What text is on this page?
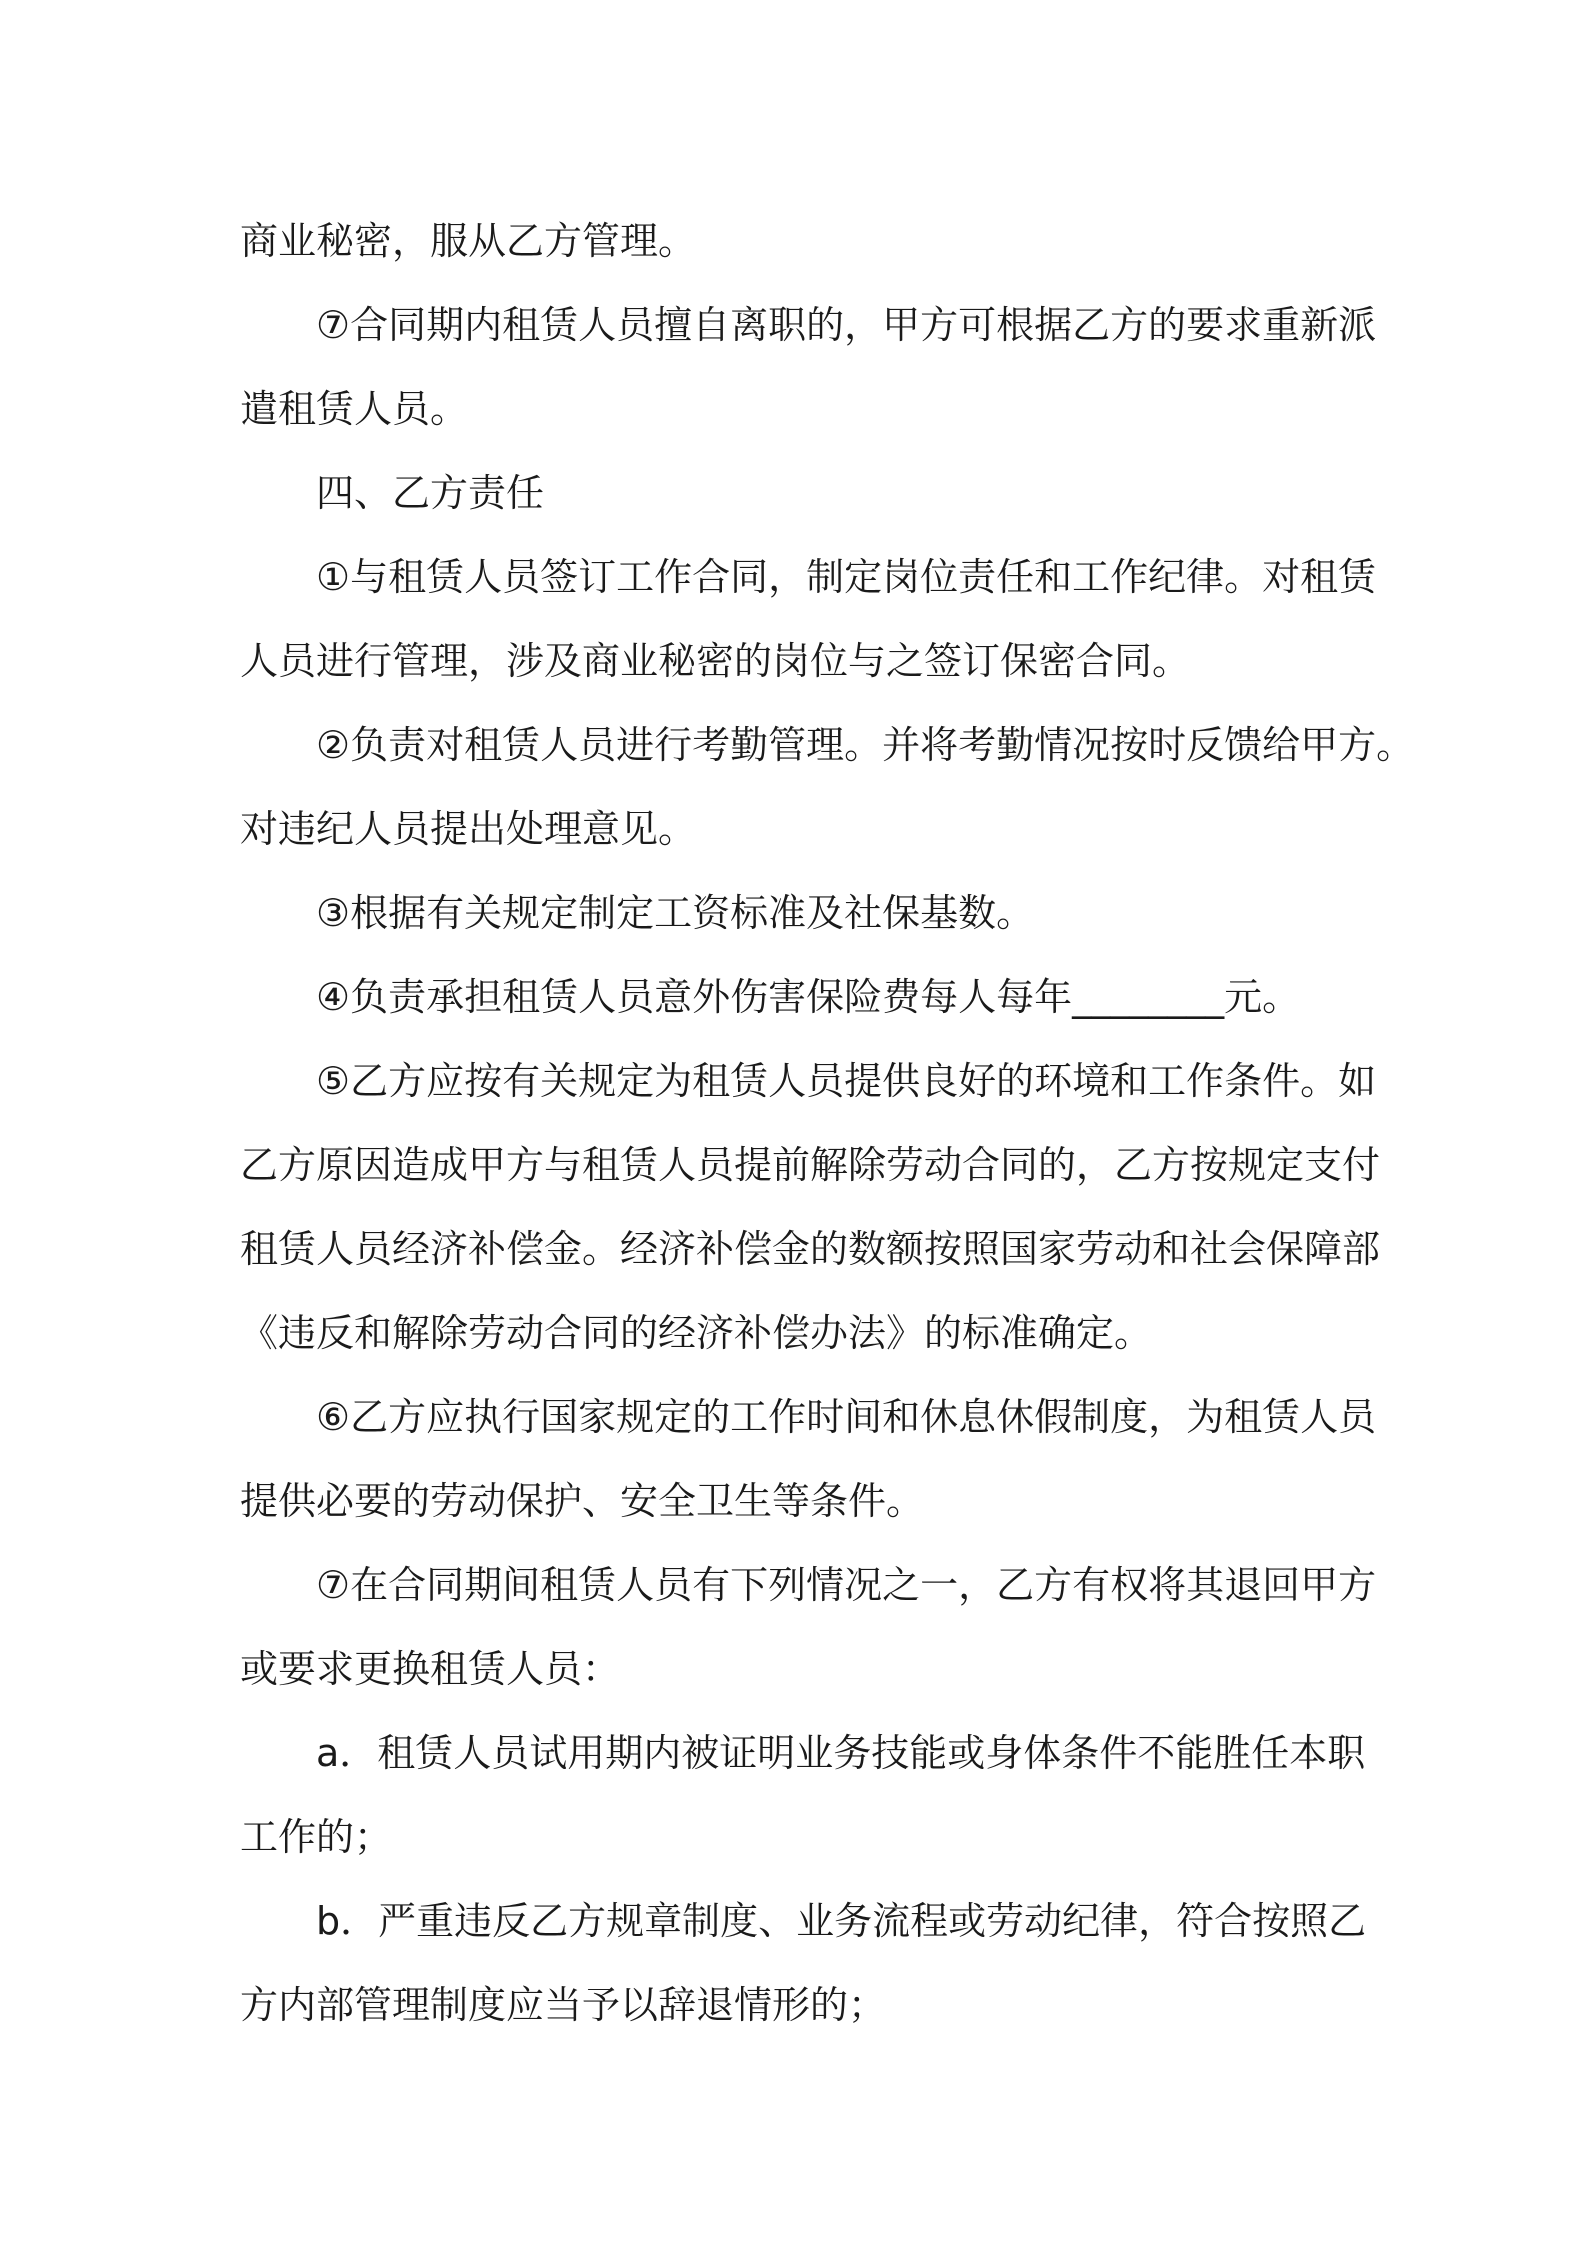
商业秘密，服从乙方管理。
⑦合同期内租赁人员擅自离职的，甲方可根据乙方的要求重新派
遣租赁人员。
四、乙方责任
①与租赁人员签订工作合同，制定岗位责任和工作纪律。对租赁
人员进行管理，涉及商业秘密的岗位与之签订保密合同。
②负责对租赁人员进行考勤管理。并将考勤情况按时反馈给甲方。
对违纪人员提出处理意见。
③根据有关规定制定工资标准及社保基数。
④负责承担租赁人员意外伤害保险费每人每年________元。
⑤乙方应按有关规定为租赁人员提供良好的环境和工作条件。如
乙方原因造成甲方与租赁人员提前解除劳动合同的，乙方按规定支付
租赁人员经济补偿金。经济补偿金的数额按照国家劳动和社会保障部
《违反和解除劳动合同的经济补偿办法》的标准确定。
⑥乙方应执行国家规定的工作时间和休息休假制度，为租赁人员
提供必要的劳动保护、安全卫生等条件。
⑦在合同期间租赁人员有下列情况之一，乙方有权将其退回甲方
或要求更换租赁人员：
a．租赁人员试用期内被证明业务技能或身体条件不能胜任本职
工作的；
b．严重违反乙方规章制度、业务流程或劳动纪律，符合按照乙
方内部管理制度应当予以辞退情形的；
